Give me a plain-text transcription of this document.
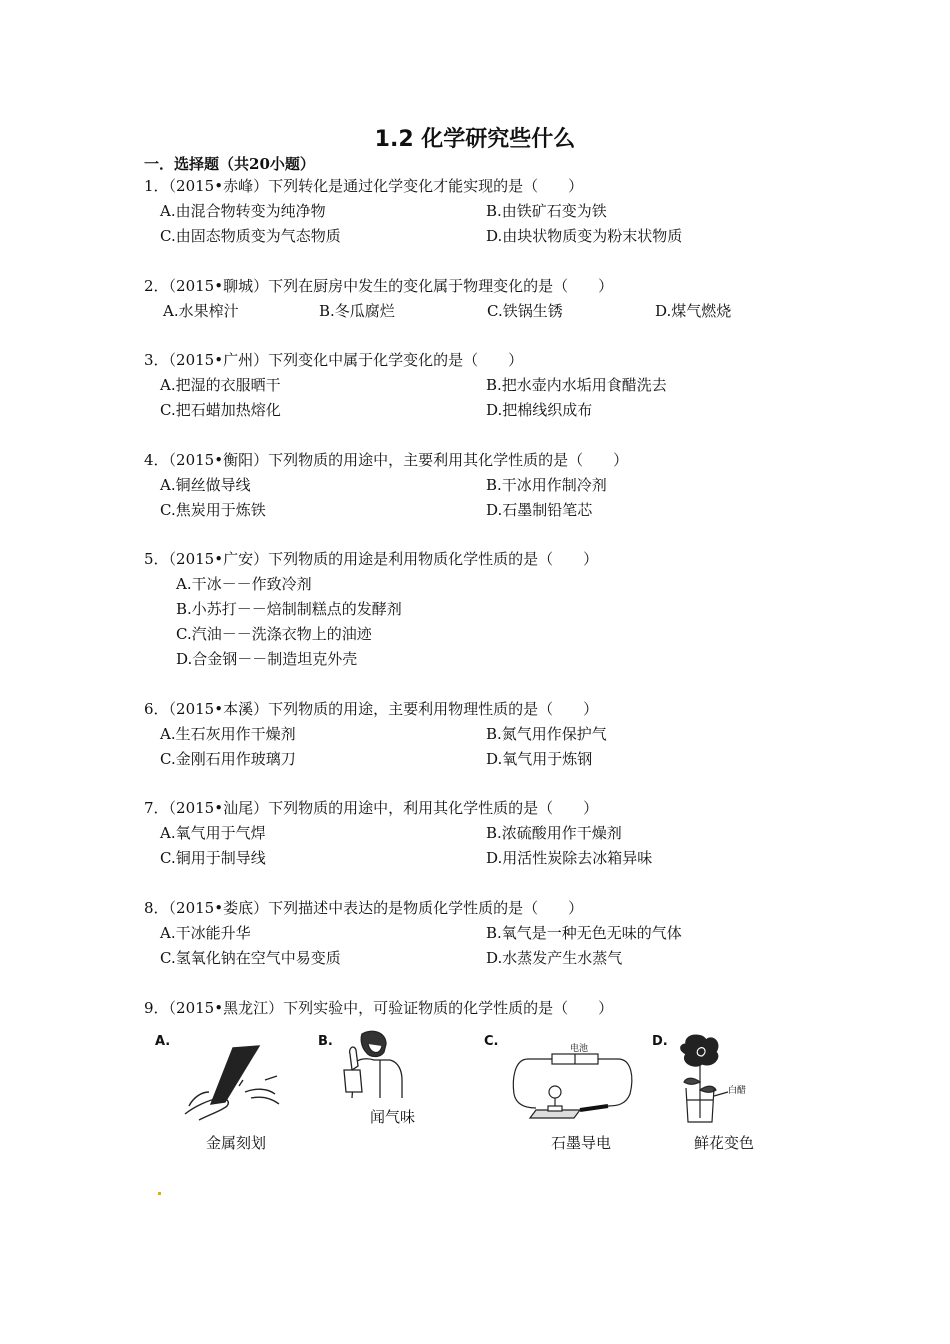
1.2 化学研究些什么
一．选择题（共20小题）
1．（2015•赤峰）下列转化是通过化学变化才能实现的是（　　）
A.由混合物转变为纯净物	B.由铁矿石变为铁
C.由固态物质变为气态物质	D.由块状物质变为粉末状物质
2．（2015•聊城）下列在厨房中发生的变化属于物理变化的是（　　）
A.水果榨汁	B.冬瓜腐烂	C.铁锅生锈	D.煤气燃烧
3．（2015•广州）下列变化中属于化学变化的是（　　）
A.把湿的衣服晒干	B.把水壶内水垢用食醋洗去
C.把石蜡加热熔化	D.把棉线织成布
4．（2015•衡阳）下列物质的用途中，主要利用其化学性质的是（　　）
A.铜丝做导线	B.干冰用作制冷剂
C.焦炭用于炼铁	D.石墨制铅笔芯
5．（2015•广安）下列物质的用途是利用物质化学性质的是（　　）
A.干冰－－作致冷剂
B.小苏打－－焙制制糕点的发酵剂
C.汽油－－洗涤衣物上的油迹
D.合金钢－－制造坦克外壳
6．（2015•本溪）下列物质的用途，主要利用物理性质的是（　　）
A.生石灰用作干燥剂	B.氮气用作保护气
C.金刚石用作玻璃刀	D.氧气用于炼钢
7．（2015•汕尾）下列物质的用途中，利用其化学性质的是（　　）
A.氧气用于气焊	B.浓硫酸用作干燥剂
C.铜用于制导线	D.用活性炭除去冰箱异味
8．（2015•娄底）下列描述中表达的是物质化学性质的是（　　）
A.干冰能升华	B.氧气是一种无色无味的气体
C.氢氧化钠在空气中易变质	D.水蒸发产生水蒸气
9．（2015•黑龙江）下列实验中，可验证物质的化学性质的是（　　）
A.	B.
闻气味
金属刻划
C.	电池
石墨导电
D.
白醋
鲜花变色
